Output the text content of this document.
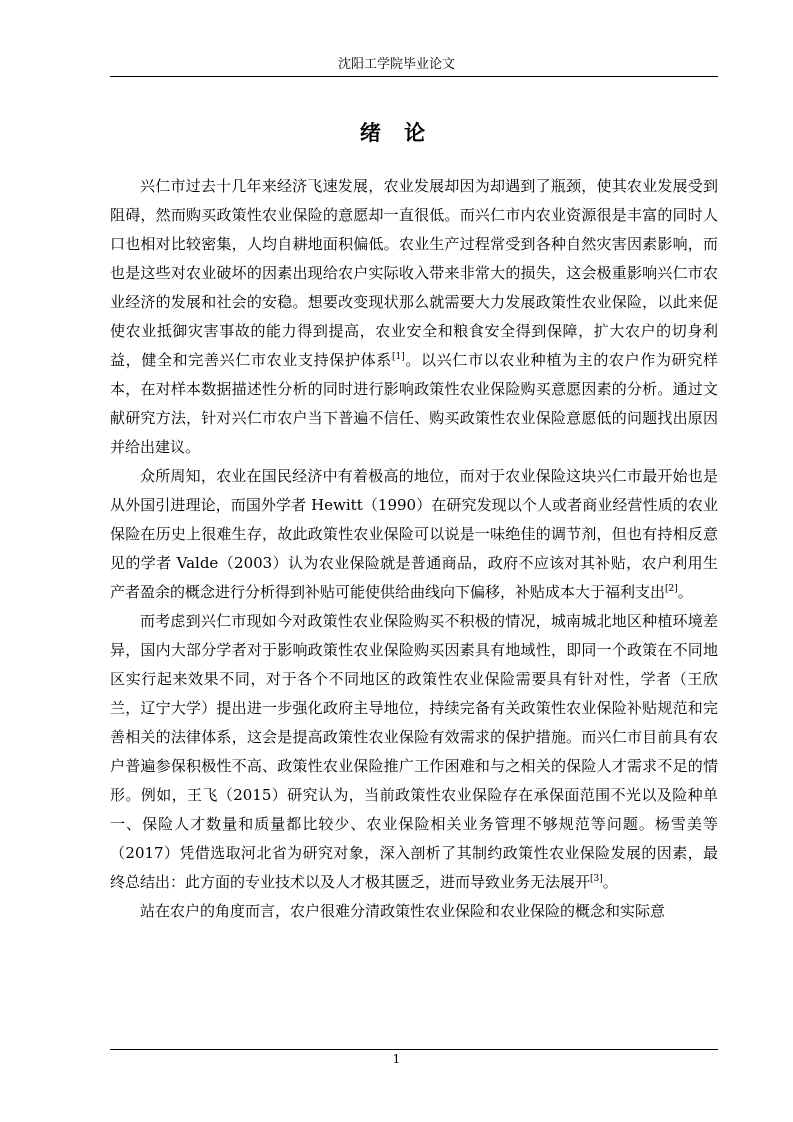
沈阳工学院毕业论文
绪 论

兴仁市过去十几年来经济飞速发展，农业发展却因为却遇到了瓶颈，使其农业发展受到阻碍，然而购买政策性农业保险的意愿却一直很低。而兴仁市内农业资源很是丰富的同时人口也相对比较密集，人均自耕地面积偏低。农业生产过程常受到各种自然灾害因素影响，而也是这些对农业破坏的因素出现给农户实际收入带来非常大的损失，这会极重影响兴仁市农业经济的发展和社会的安稳。想要改变现状那么就需要大力发展政策性农业保险，以此来促使农业抵御灾害事故的能力得到提高，农业安全和粮食安全得到保障，扩大农户的切身利益，健全和完善兴仁市农业支持保护体系[1]。以兴仁市以农业种植为主的农户作为研究样本，在对样本数据描述性分析的同时进行影响政策性农业保险购买意愿因素的分析。通过文献研究方法，针对兴仁市农户当下普遍不信任、购买政策性农业保险意愿低的问题找出原因并给出建议。

众所周知，农业在国民经济中有着极高的地位，而对于农业保险这块兴仁市最开始也是从外国引进理论，而国外学者 Hewitt（1990）在研究发现以个人或者商业经营性质的农业保险在历史上很难生存，故此政策性农业保险可以说是一味绝佳的调节剂，但也有持相反意见的学者 Valde（2003）认为农业保险就是普通商品，政府不应该对其补贴，农户利用生产者盈余的概念进行分析得到补贴可能使供给曲线向下偏移，补贴成本大于福利支出[2]。

而考虑到兴仁市现如今对政策性农业保险购买不积极的情况，城南城北地区种植环境差异，国内大部分学者对于影响政策性农业保险购买因素具有地域性，即同一个政策在不同地区实行起来效果不同，对于各个不同地区的政策性农业保险需要具有针对性，学者（王欣兰，辽宁大学）提出进一步强化政府主导地位，持续完备有关政策性农业保险补贴规范和完善相关的法律体系，这会是提高政策性农业保险有效需求的保护措施。而兴仁市目前具有农户普遍参保积极性不高、政策性农业保险推广工作困难和与之相关的保险人才需求不足的情形。例如，王飞（2015）研究认为，当前政策性农业保险存在承保面范围不光以及险种单一、保险人才数量和质量都比较少、农业保险相关业务管理不够规范等问题。杨雪美等（2017）凭借选取河北省为研究对象，深入剖析了其制约政策性农业保险发展的因素，最终总结出：此方面的专业技术以及人才极其匮乏，进而导致业务无法展开[3]。

站在农户的角度而言，农户很难分清政策性农业保险和农业保险的概念和实际意

1
